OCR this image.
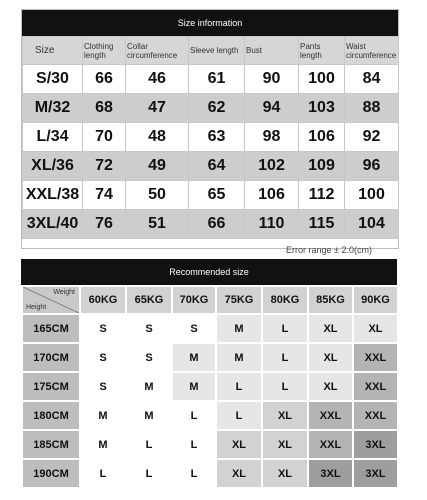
Size information
Size	Clothing length	Collar circumference	Sleeve length	Bust	Pants length	Waist circumference
S/30	66	46	61	90	100	84
M/32	68	47	62	94	103	88
L/34	70	48	63	98	106	92
XL/36	72	49	64	102	109	96
XXL/38	74	50	65	106	112	100
3XL/40	76	51	66	110	115	104
Error range ± 2.0(cm)
Recommended size
Weight
Height	60KG	65KG	70KG	75KG	80KG	85KG	90KG
165CM	S	S	S	M	L	XL	XL
170CM	S	S	M	M	L	XL	XXL
175CM	S	M	M	L	L	XL	XXL
180CM	M	M	L	L	XL	XXL	XXL
185CM	M	L	L	XL	XL	XXL	3XL
190CM	L	L	L	XL	XL	3XL	3XL
